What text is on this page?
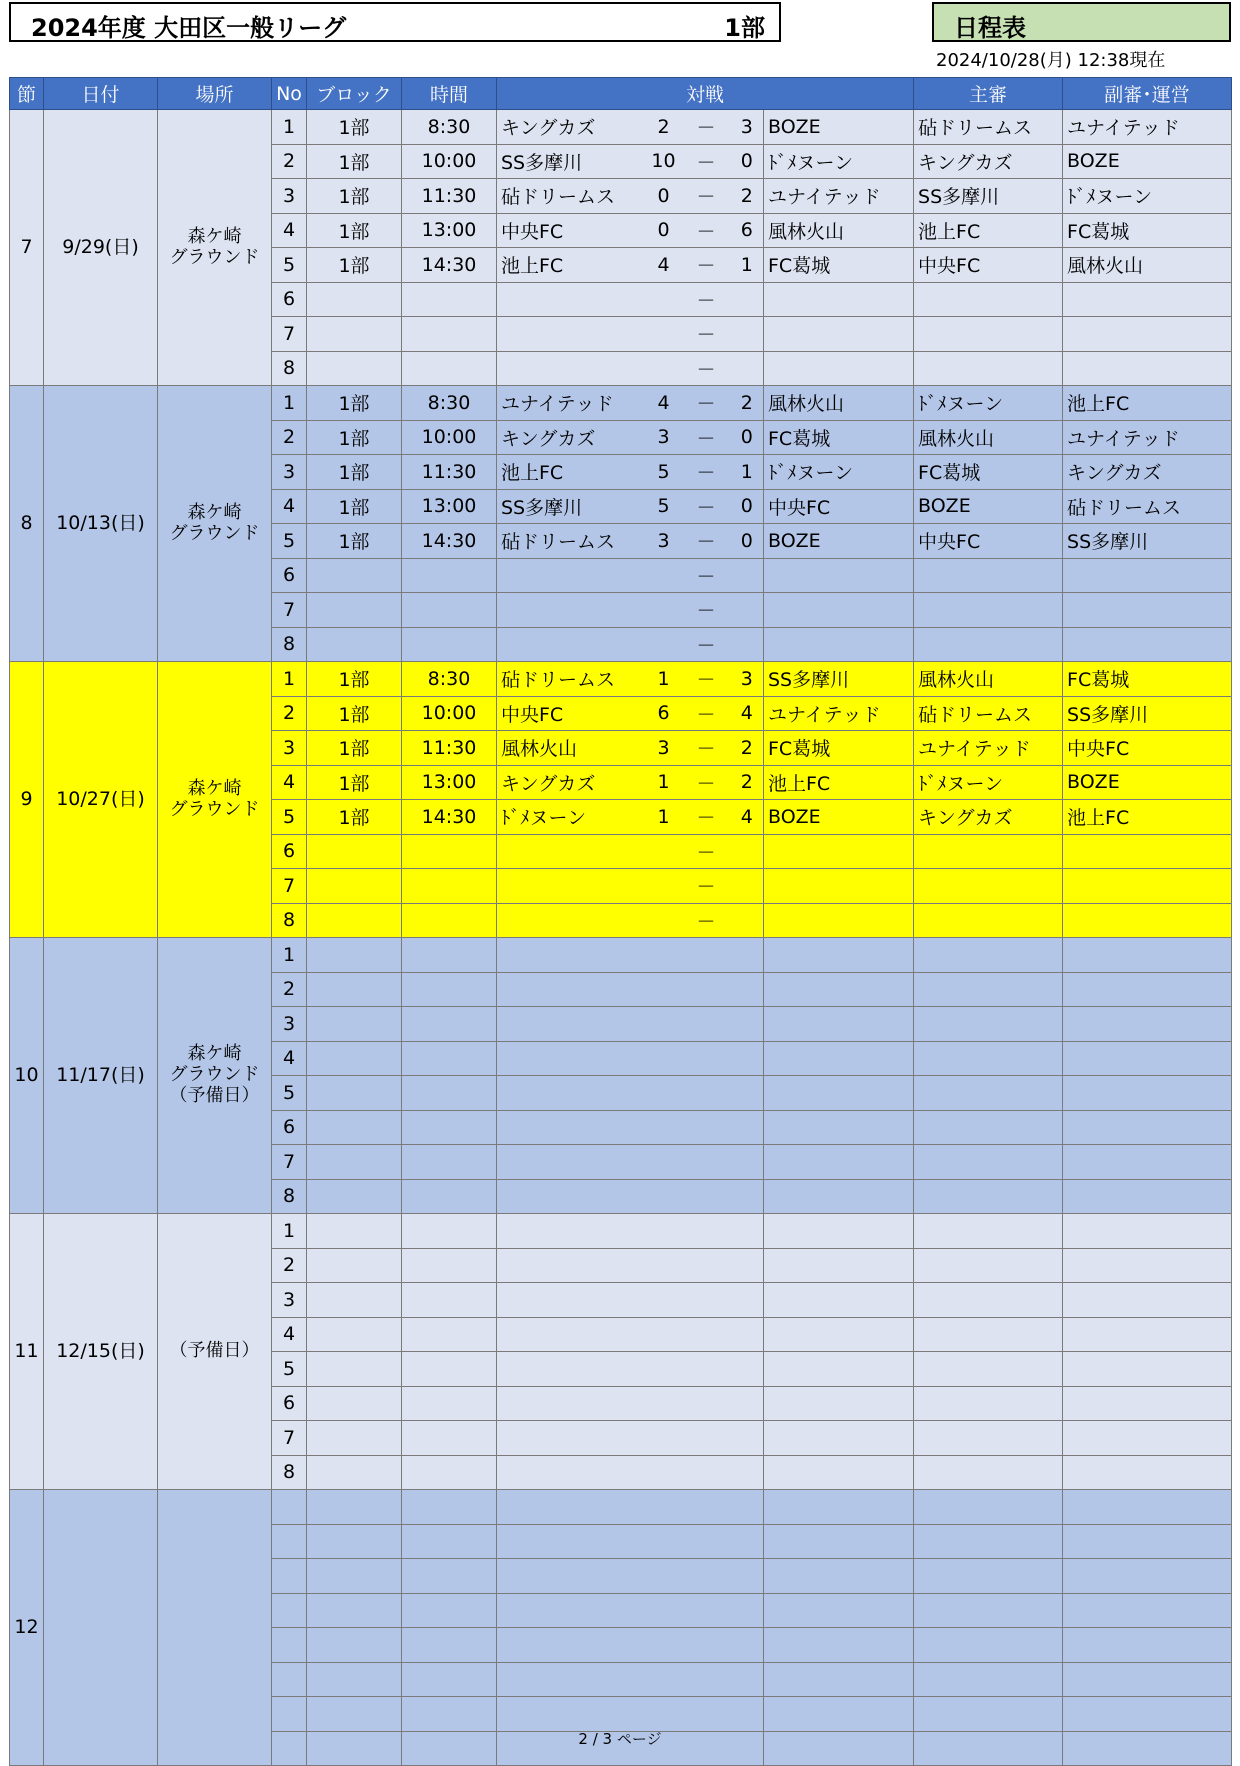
2024年度 大田区一般リーグ	1部	日程表
2024/10/28(月) 12:38現在
節	日付	場所	No	ブロック	時間	対戦					主審	副審･運営
7	9/29(日)	森ケ崎
グラウンド	1	1部	8:30	キングカズ	2	－	3	BOZE	砧ドリームス	ユナイテッド
			2	1部	10:00	SS多摩川	10	－	0	ﾄﾞﾒヌーン	キングカズ	BOZE
			3	1部	11:30	砧ドリームス	0	－	2	ユナイテッド	SS多摩川	ﾄﾞﾒヌーン
			4	1部	13:00	中央FC	0	－	6	風林火山	池上FC	FC葛城
			5	1部	14:30	池上FC	4	－	1	FC葛城	中央FC	風林火山
			6					－				
			7					－				
			8					－				
8	10/13(日)	森ケ崎
グラウンド	1	1部	8:30	ユナイテッド	4	－	2	風林火山	ﾄﾞﾒヌーン	池上FC
			2	1部	10:00	キングカズ	3	－	0	FC葛城	風林火山	ユナイテッド
			3	1部	11:30	池上FC	5	－	1	ﾄﾞﾒヌーン	FC葛城	キングカズ
			4	1部	13:00	SS多摩川	5	－	0	中央FC	BOZE	砧ドリームス
			5	1部	14:30	砧ドリームス	3	－	0	BOZE	中央FC	SS多摩川
			6					－				
			7					－				
			8					－				
9	10/27(日)	森ケ崎
グラウンド	1	1部	8:30	砧ドリームス	1	－	3	SS多摩川	風林火山	FC葛城
			2	1部	10:00	中央FC	6	－	4	ユナイテッド	砧ドリームス	SS多摩川
			3	1部	11:30	風林火山	3	－	2	FC葛城	ユナイテッド	中央FC
			4	1部	13:00	キングカズ	1	－	2	池上FC	ﾄﾞﾒヌーン	BOZE
			5	1部	14:30	ﾄﾞﾒヌーン	1	－	4	BOZE	キングカズ	池上FC
			6					－				
			7					－				
			8					－				
10	11/17(日)	森ケ崎
グラウンド
（予備日）	1									
			2									
			3									
			4									
			5									
			6									
			7									
			8									
11	12/15(日)	（予備日）	1									
			2									
			3									
			4									
			5									
			6									
			7									
			8									
12		

2 / 3 ページ
